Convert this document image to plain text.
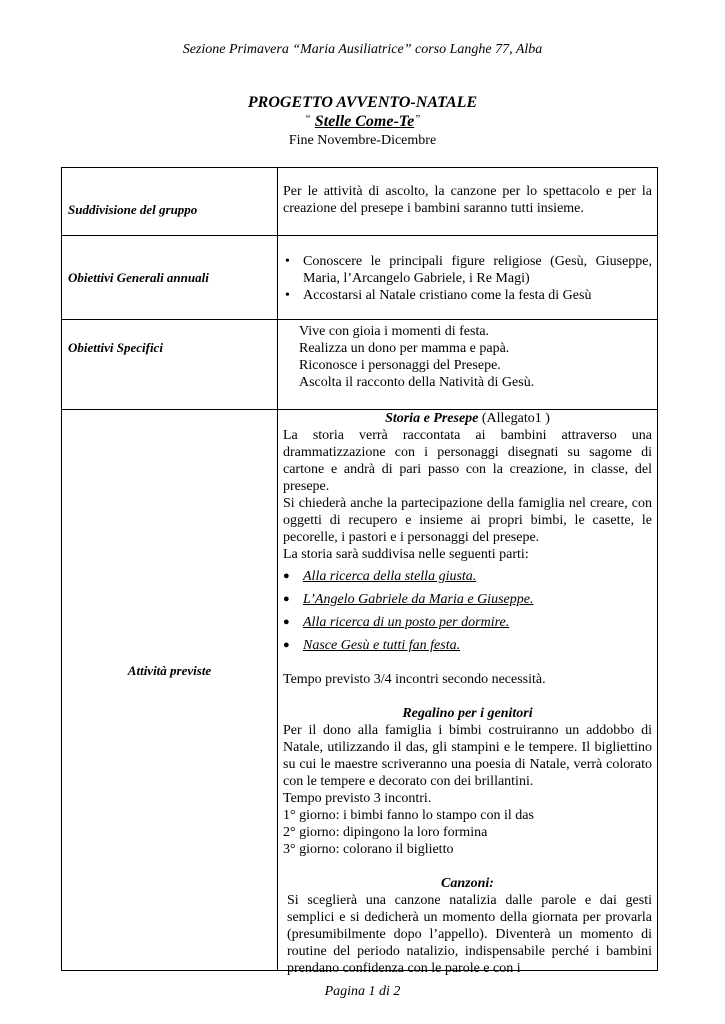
Sezione Primavera “Maria Ausiliatrice” corso Langhe 77, Alba
PROGETTO AVVENTO-NATALE
“ Stelle Come-Te”
Fine Novembre-Dicembre
Suddivisione del gruppo
Per le attività di ascolto, la canzone per lo spettacolo e per la creazione del presepe i bambini saranno tutti insieme.
Obiettivi Generali annuali
• Conoscere le principali figure religiose (Gesù, Giuseppe, Maria, l’Arcangelo Gabriele, i Re Magi)
• Accostarsi al Natale cristiano come la festa di Gesù
Obiettivi Specifici
Vive con gioia i momenti di festa.
Realizza un dono per mamma e papà.
Riconosce i personaggi del Presepe.
Ascolta il racconto della Natività di Gesù.
Attività previste
Storia e Presepe (Allegato1 )
La storia verrà raccontata ai bambini attraverso una drammatizzazione con i personaggi disegnati su sagome di cartone e andrà di pari passo con la creazione, in classe, del presepe.
Si chiederà anche la partecipazione della famiglia nel creare, con oggetti di recupero e insieme ai propri bimbi, le casette, le pecorelle, i pastori e i personaggi del presepe.
La storia sarà suddivisa nelle seguenti parti:
● Alla ricerca della stella giusta.
● L’Angelo Gabriele da Maria e Giuseppe.
● Alla ricerca di un posto per dormire.
● Nasce Gesù e tutti fan festa.
Tempo previsto 3/4 incontri secondo necessità.
Regalino per i genitori
Per il dono alla famiglia i bimbi costruiranno un addobbo di Natale, utilizzando il das, gli stampini e le tempere. Il bigliettino su cui le maestre scriveranno una poesia di Natale, verrà colorato con le tempere e decorato con dei brillantini.
Tempo previsto 3 incontri.
1° giorno: i bimbi fanno lo stampo con il das
2° giorno: dipingono la loro formina
3° giorno: colorano il biglietto
Canzoni:
Si sceglierà una canzone natalizia dalle parole e dai gesti semplici e si dedicherà un momento della giornata per provarla (presumibilmente dopo l’appello). Diventerà un momento di routine del periodo natalizio, indispensabile perché i bambini prendano confidenza con le parole e con i
Pagina 1 di 2
